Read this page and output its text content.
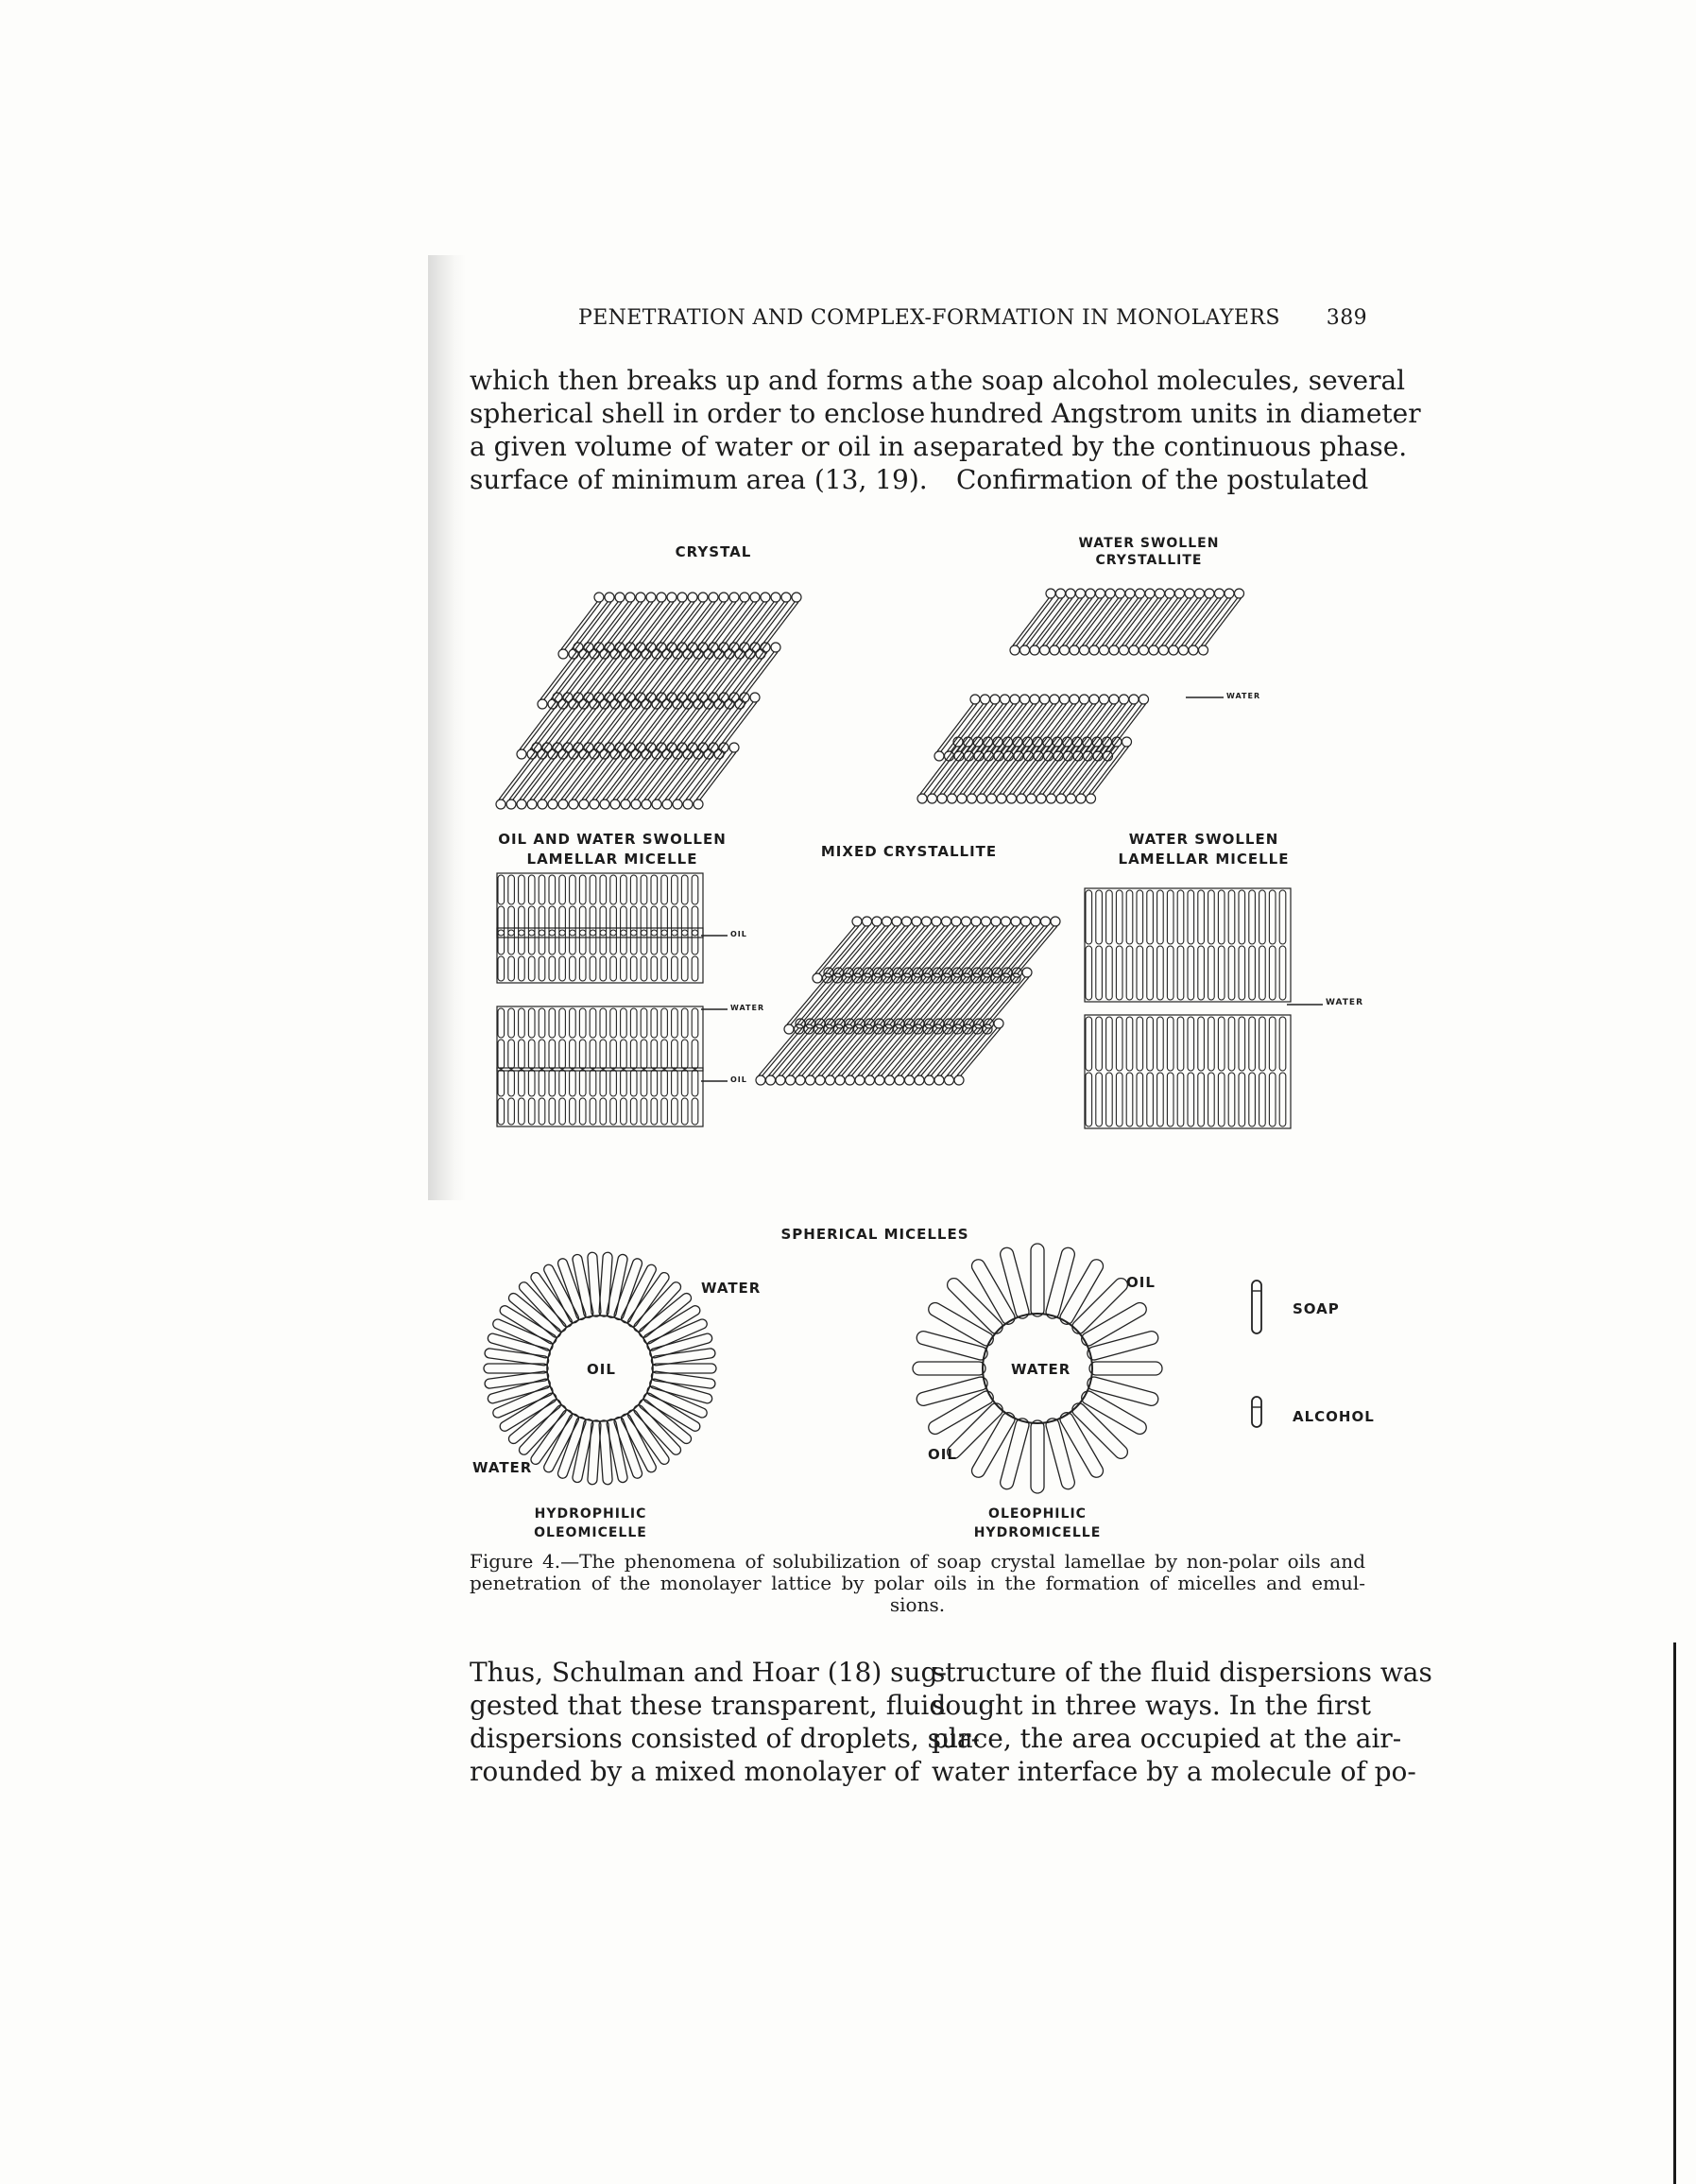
PENETRATION AND COMPLEX-FORMATION IN MONOLAYERS 389
which then breaks up and forms a
spherical shell in order to enclose
a given volume of water or oil in a
surface of minimum area (13, 19).
the soap alcohol molecules, several
hundred Angstrom units in diameter
separated by the continuous phase.
Confirmation of the postulated
CRYSTAL	WATER SWOLLEN
CRYSTALLITE
WATER
OIL AND WATER SWOLLEN
LAMELLAR MICELLE
OIL
WATER
OIL
MIXED CRYSTALLITE
WATER SWOLLEN
LAMELLAR MICELLE
WATER
SPHERICAL MICELLES
WATER
OIL
WATER
WATER
OIL
OIL
SOAP
ALCOHOL
HYDROPHILIC
OLEOMICELLE
OLEOPHILIC
HYDROMICELLE
Figure 4.—The phenomena of solubilization of soap crystal lamellae by non-polar oils and
penetration of the monolayer lattice by polar oils in the formation of micelles and emul-
sions.
Thus, Schulman and Hoar (18) sug-
gested that these transparent, fluid
dispersions consisted of droplets, sur-
rounded by a mixed monolayer of
structure of the fluid dispersions was
sought in three ways. In the first
place, the area occupied at the air-
water interface by a molecule of po-
